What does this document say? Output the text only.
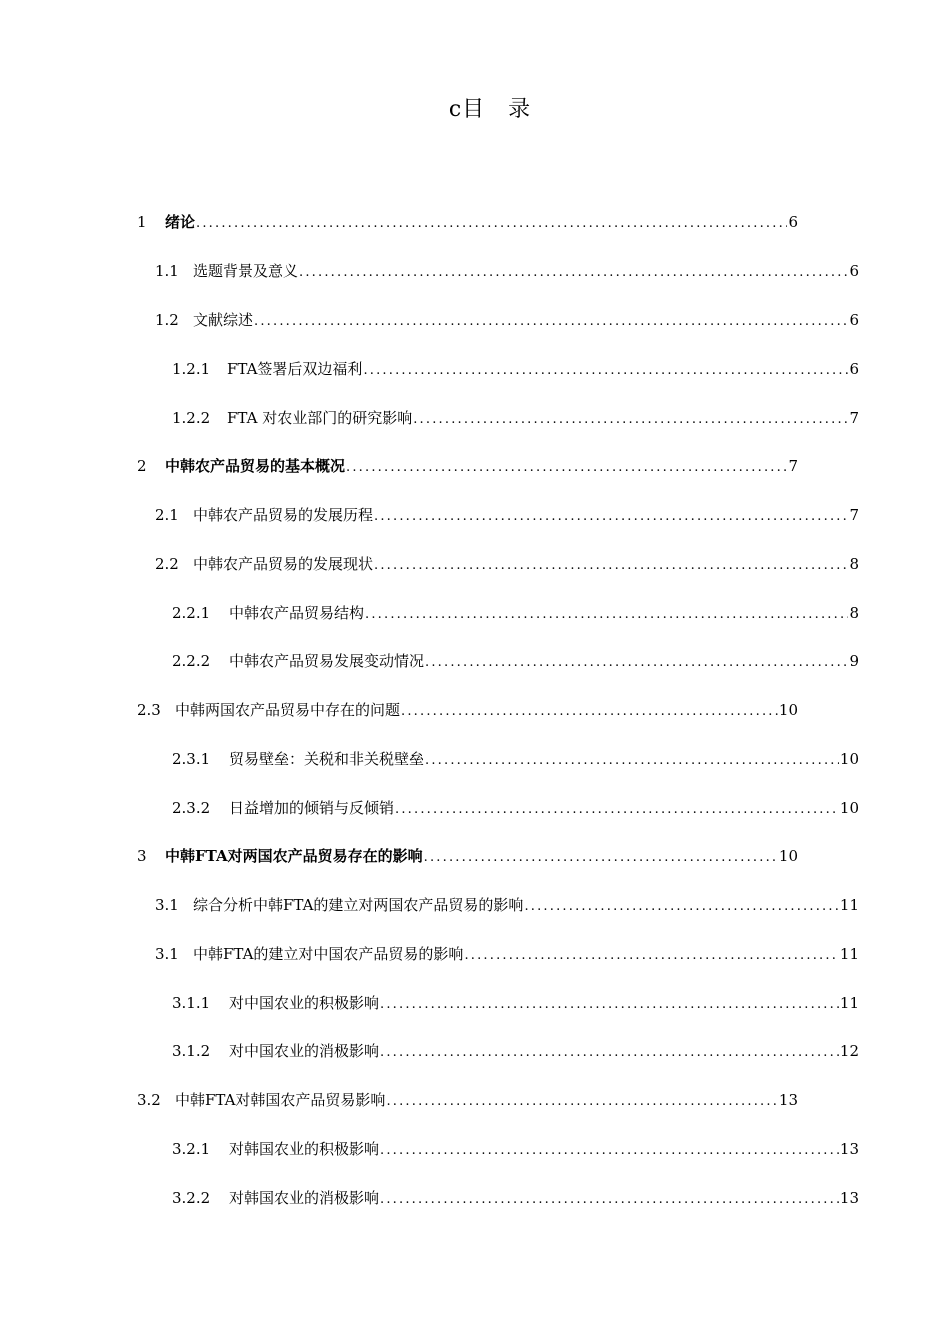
c目　录
1	绪论 .....	6
1.1 选题背景及意义 .....	6
1.2 文献综述 .....	6
1.2.1	FTA签署后双边福利 .....	6
1.2.2	FTA 对农业部门的研究影响 .....	7
2	中韩农产品贸易的基本概况 .....	7
2.1 中韩农产品贸易的发展历程 .....	7
2.2 中韩农产品贸易的发展现状 .....	8
2.2.1	中韩农产品贸易结构 .....	8
2.2.2	中韩农产品贸易发展变动情况 .....	9
2.3 中韩两国农产品贸易中存在的问题 .....	10
2.3.1	贸易壁垒：关税和非关税壁垒 .....	10
2.3.2	日益增加的倾销与反倾销 .....	10
3	中韩FTA对两国农产品贸易存在的影响 .....	10
3.1 综合分析中韩FTA的建立对两国农产品贸易的影响 .....	11
3.1 中韩FTA的建立对中国农产品贸易的影响 .....	11
3.1.1	对中国农业的积极影响 .....	11
3.1.2	对中国农业的消极影响 .....	12
3.2 中韩FTA对韩国农产品贸易影响 .....	13
3.2.1	对韩国农业的积极影响 .....	13
3.2.2	对韩国农业的消极影响 .....	13
